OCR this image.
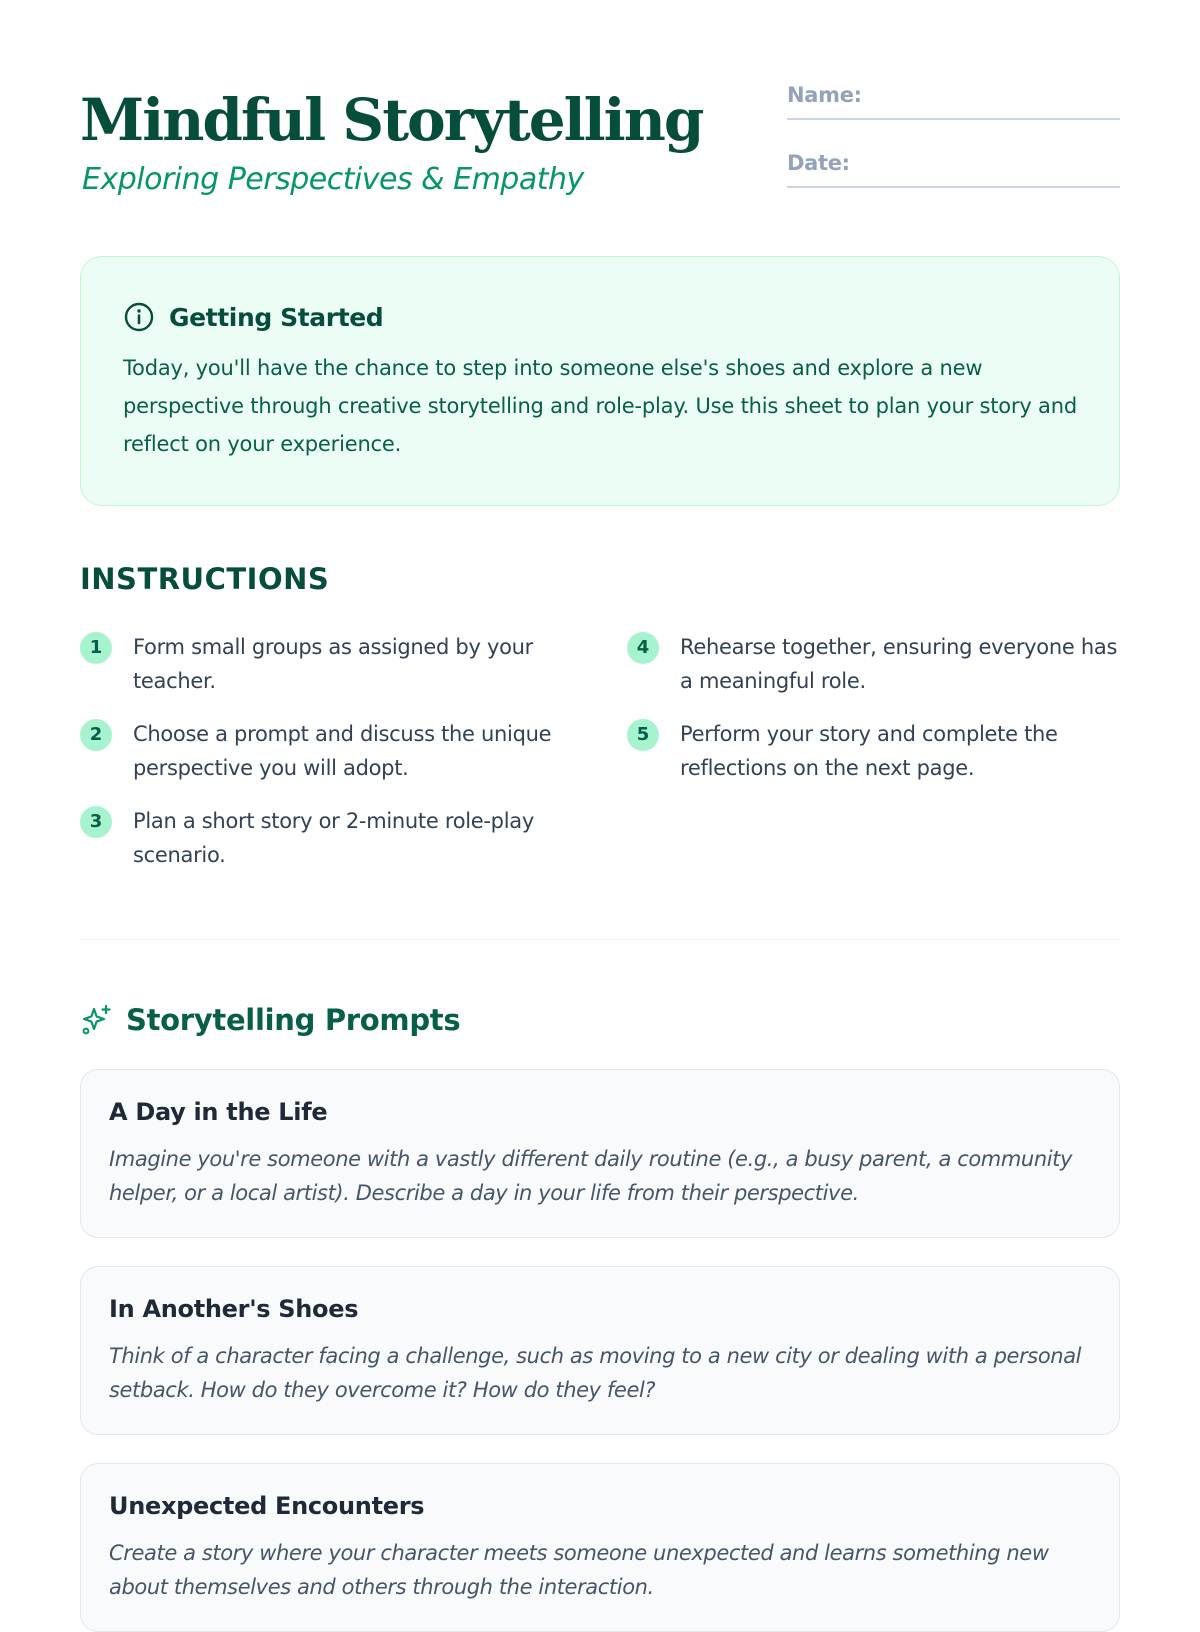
Mindful Storytelling
Exploring Perspectives & Empathy
Name:
Date:
Getting Started
Today, you'll have the chance to step into someone else's shoes and explore a new perspective through creative storytelling and role-play. Use this sheet to plan your story and reflect on your experience.
INSTRUCTIONS
1	Form small groups as assigned by your teacher.
2	Choose a prompt and discuss the unique perspective you will adopt.
3	Plan a short story or 2-minute role-play scenario.
4	Rehearse together, ensuring everyone has a meaningful role.
5	Perform your story and complete the reflections on the next page.
Storytelling Prompts
A Day in the Life
Imagine you're someone with a vastly different daily routine (e.g., a busy parent, a community helper, or a local artist). Describe a day in your life from their perspective.
In Another's Shoes
Think of a character facing a challenge, such as moving to a new city or dealing with a personal setback. How do they overcome it? How do they feel?
Unexpected Encounters
Create a story where your character meets someone unexpected and learns something new about themselves and others through the interaction.
